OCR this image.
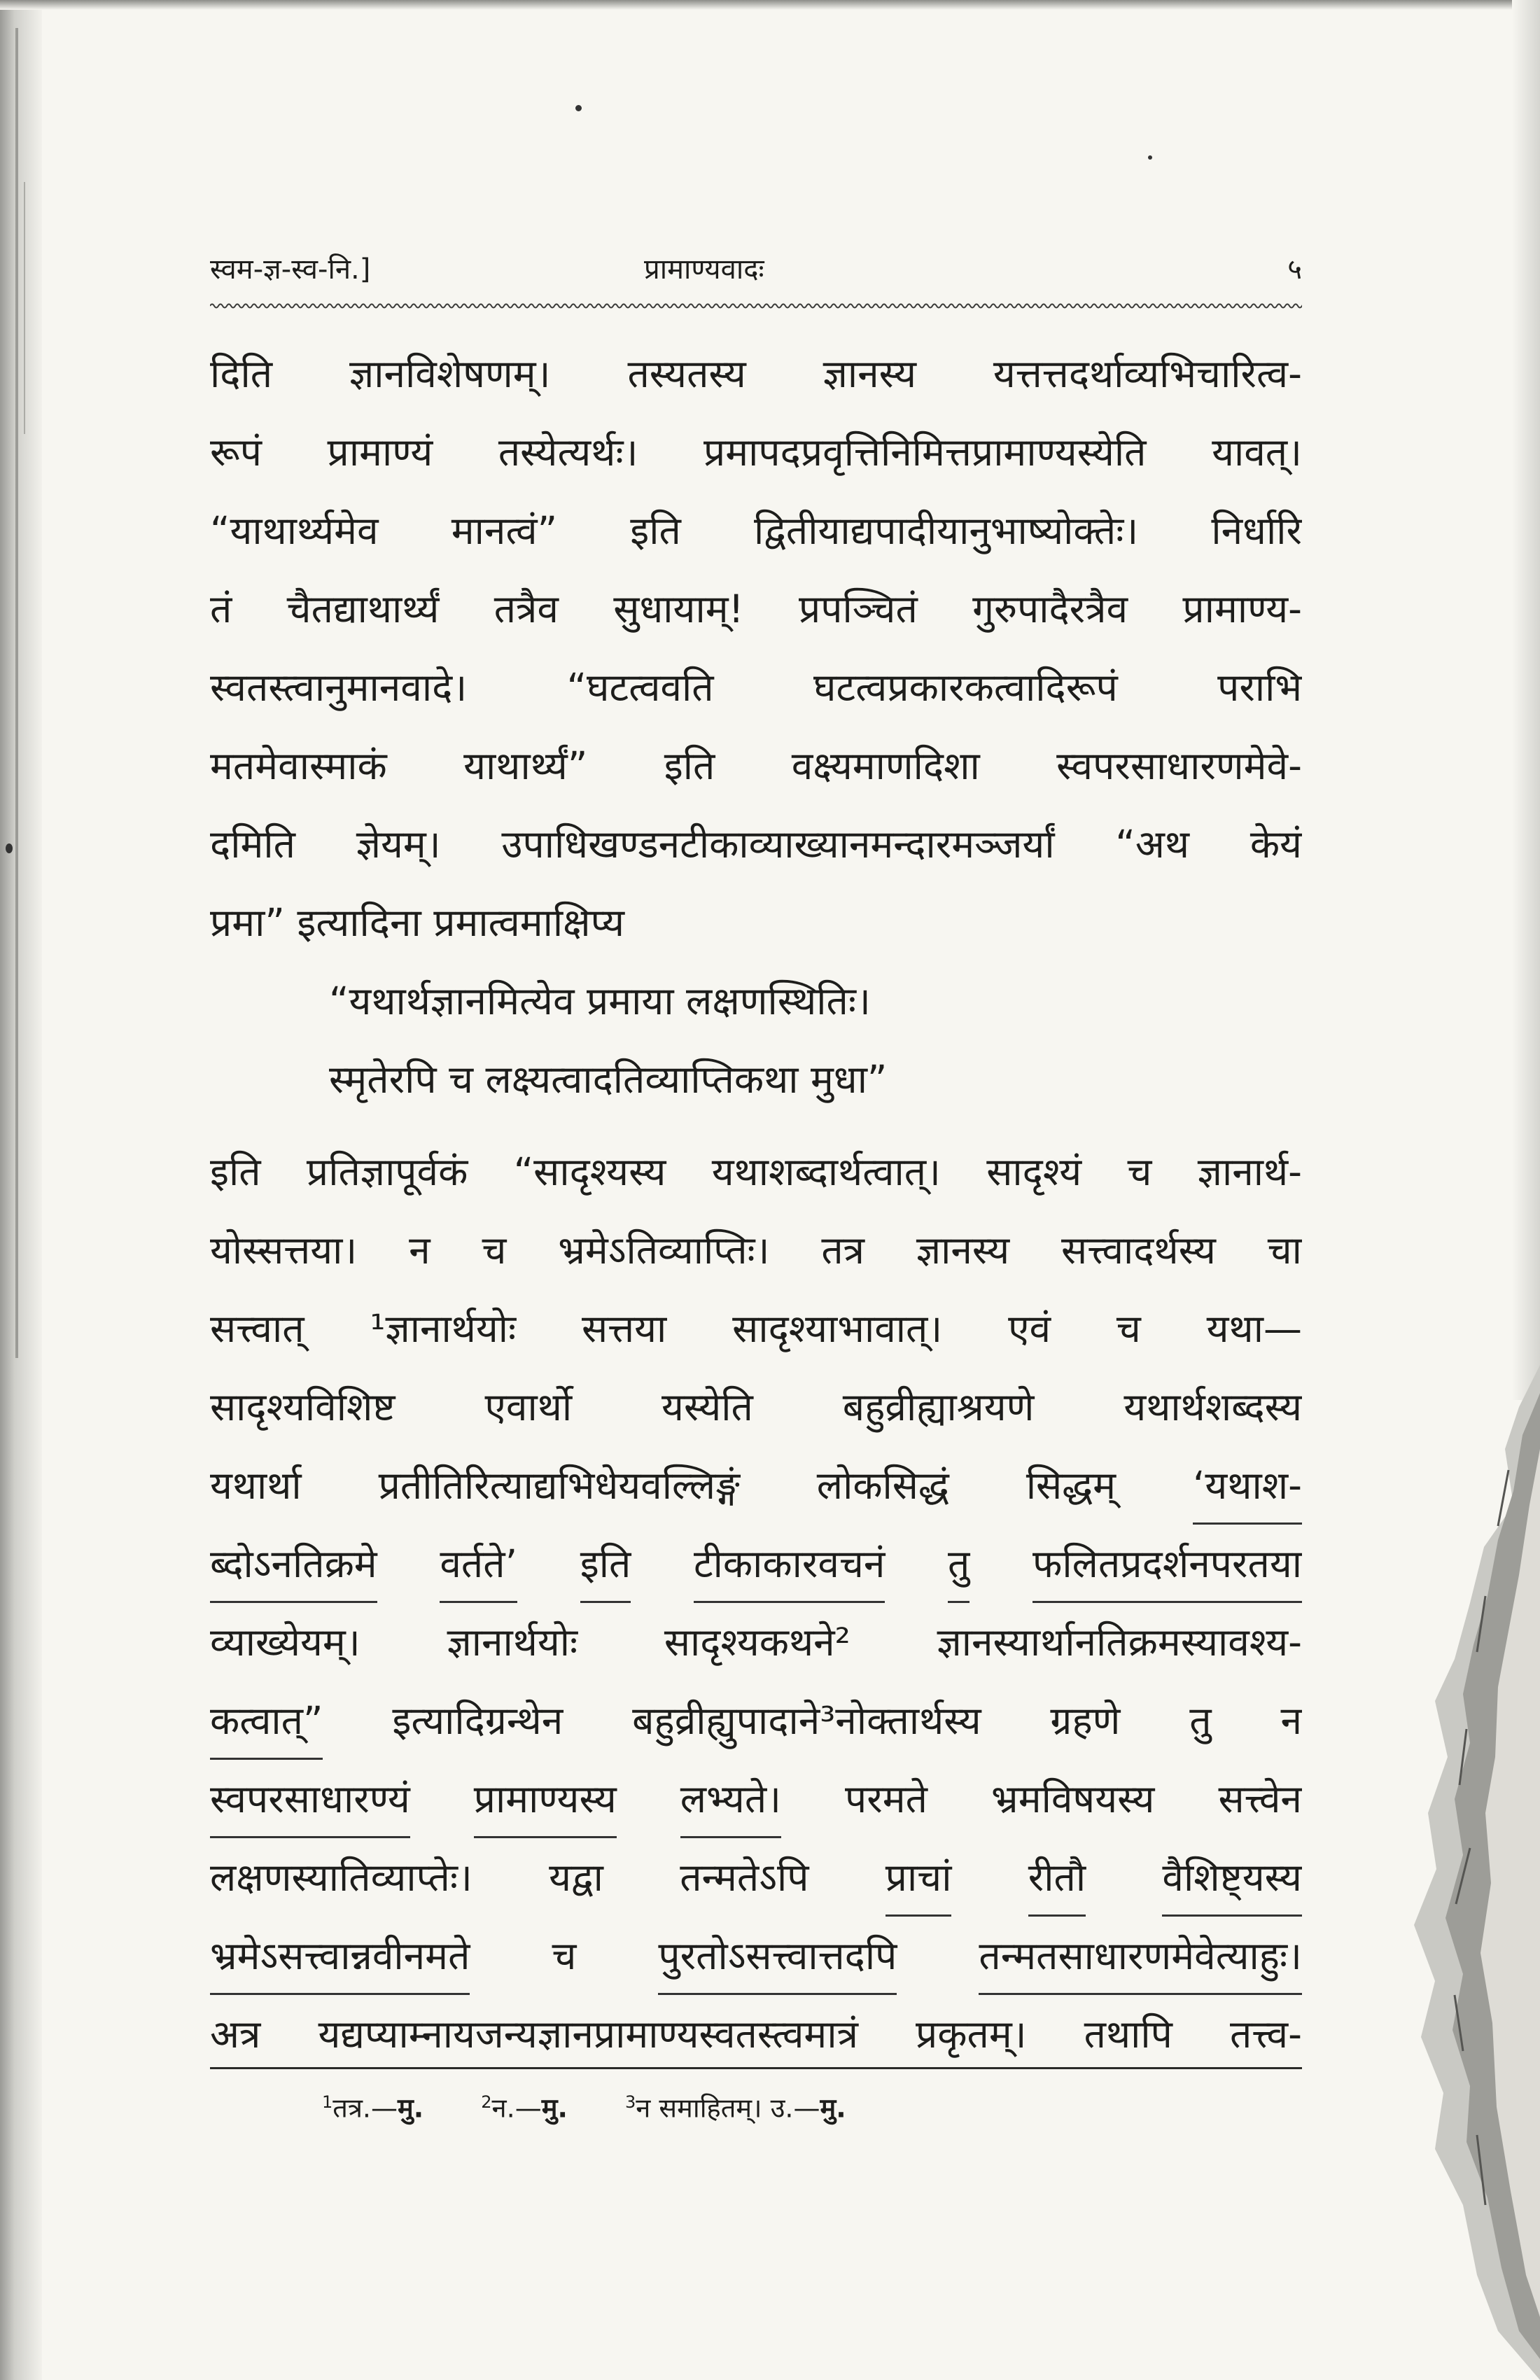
स्वम-ज्ञ-स्व-नि.]	प्रामाण्यवादः	५
दिति ज्ञानविशेषणम्। तस्यतस्य ज्ञानस्य यत्तत्तदर्थाव्यभिचारित्व-
रूपं प्रामाण्यं तस्येत्यर्थः। प्रमापदप्रवृत्तिनिमित्तप्रामाण्यस्येति यावत्।
“याथार्थ्यमेव मानत्वं” इति द्वितीयाद्यपादीयानुभाष्योक्तेः। निर्धारि
तं चैतद्याथार्थ्यं तत्रैव सुधायाम्! प्रपञ्चितं गुरुपादैरत्रैव प्रामाण्य-
स्वतस्त्वानुमानवादे।	“घटत्ववति	घटत्वप्रकारकत्वादिरूपं	पराभि
मतमेवास्माकं याथार्थ्यं” इति वक्ष्यमाणदिशा स्वपरसाधारणमेवे-
दमिति ज्ञेयम्। उपाधिखण्डनटीकाव्याख्यानमन्दारमञ्जर्यां “अथ केयं
प्रमा” इत्यादिना प्रमात्वमाक्षिप्य
“यथार्थज्ञानमित्येव प्रमाया लक्षणस्थितिः।
स्मृतेरपि च लक्ष्यत्वादतिव्याप्तिकथा मुधा”
इति प्रतिज्ञापूर्वकं “सादृश्यस्य यथाशब्दार्थत्वात्। सादृश्यं च ज्ञानार्थ-
योस्सत्तया। न च भ्रमेऽतिव्याप्तिः। तत्र ज्ञानस्य सत्त्वादर्थस्य चा
सत्त्वात् ¹ज्ञानार्थयोः सत्तया सादृश्याभावात्। एवं च यथा—
सादृश्यविशिष्ट एवार्थो यस्येति बहुव्रीह्याश्रयणे यथार्थशब्दस्य
यथार्था प्रतीतिरित्याद्यभिधेयवल्लिङ्गं लोकसिद्धं सिद्धम् ‘यथाश-
ब्दोऽनतिक्रमे वर्तते’ इति टीकाकारवचनं तु फलितप्रदर्शनपरतया
व्याख्येयम्। ज्ञानार्थयोः सादृश्यकथने² ज्ञानस्यार्थानतिक्रमस्यावश्य-
कत्वात्” इत्यादिग्रन्थेन बहुव्रीह्युपादाने³नोक्तार्थस्य ग्रहणे तु न
स्वपरसाधारण्यं प्रामाण्यस्य लभ्यते। परमते भ्रमविषयस्य सत्त्वेन
लक्षणस्यातिव्याप्तेः। यद्वा तन्मतेऽपि प्राचां रीतौ वैशिष्ट्यस्य
भ्रमेऽसत्त्वान्नवीनमते च पुरतोऽसत्त्वात्तदपि तन्मतसाधारणमेवेत्याहुः।
अत्र यद्यप्याम्नायजन्यज्ञानप्रामाण्यस्वतस्त्वमात्रं प्रकृतम्। तथापि तत्त्व-
$^1$तत्र.—मु.	$^2$न.—मु.	$^3$न समाहितम्। उ.—मु.
